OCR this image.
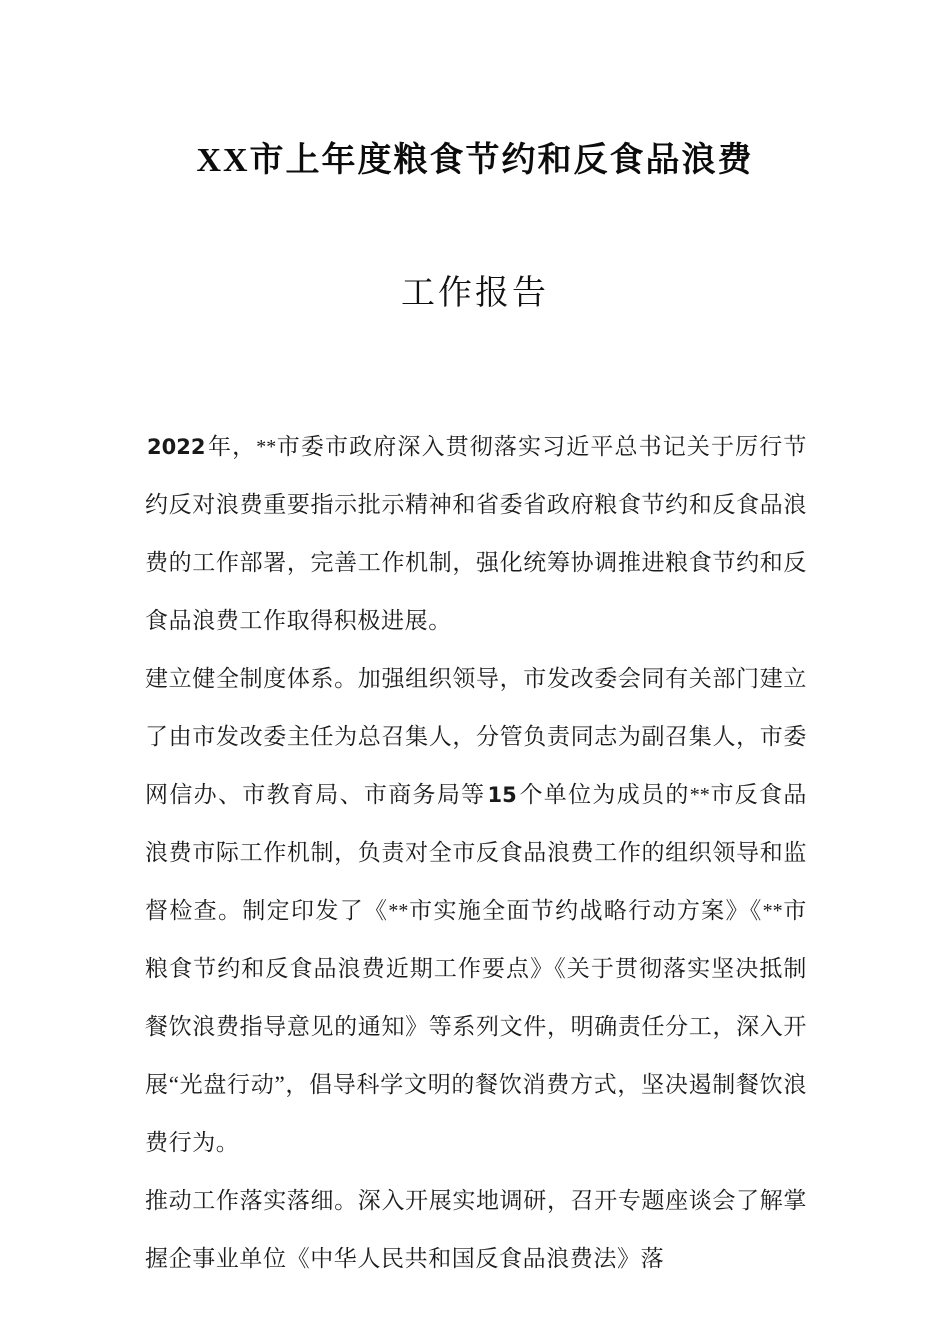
XX市上年度粮食节约和反食品浪费
工作报告

2022年，**市委市政府深入贯彻落实习近平总书记关于厉行节约反对浪费重要指示批示精神和省委省政府粮食节约和反食品浪费的工作部署，完善工作机制，强化统筹协调推进粮食节约和反食品浪费工作取得积极进展。

建立健全制度体系。加强组织领导，市发改委会同有关部门建立了由市发改委主任为总召集人，分管负责同志为副召集人，市委网信办、市教育局、市商务局等15个单位为成员的**市反食品浪费市际工作机制，负责对全市反食品浪费工作的组织领导和监督检查。制定印发了《**市实施全面节约战略行动方案》《**市粮食节约和反食品浪费近期工作要点》《关于贯彻落实坚决抵制餐饮浪费指导意见的通知》等系列文件，明确责任分工，深入开展“光盘行动”，倡导科学文明的餐饮消费方式，坚决遏制餐饮浪费行为。

推动工作落实落细。深入开展实地调研，召开专题座谈会了解掌握企事业单位《中华人民共和国反食品浪费法》落
